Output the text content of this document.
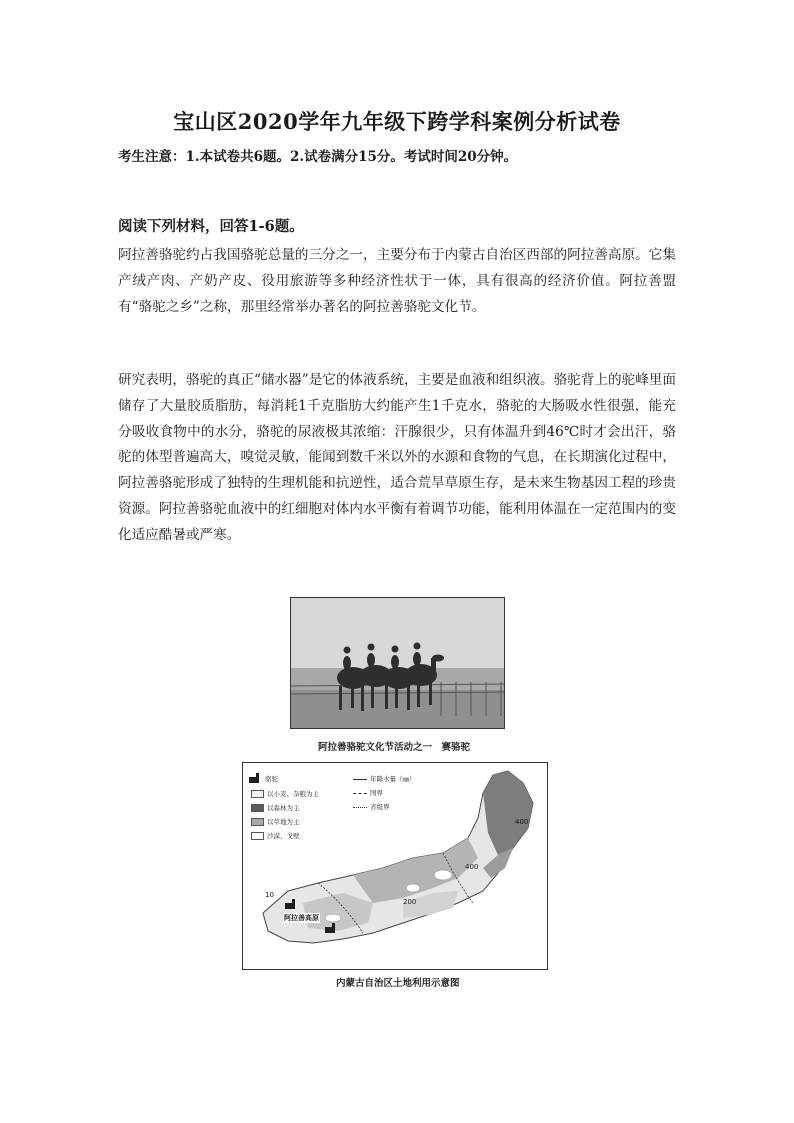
宝山区2020学年九年级下跨学科案例分析试卷
考生注意：1.本试卷共6题。2.试卷满分15分。考试时间20分钟。
阅读下列材料，回答1-6题。

阿拉善骆驼约占我国骆驼总量的三分之一，主要分布于内蒙古自治区西部的阿拉善高原。它集产绒产肉、产奶产皮、役用旅游等多种经济性状于一体，具有很高的经济价值。阿拉善盟有“骆驼之乡”之称，那里经常举办著名的阿拉善骆驼文化节。

研究表明，骆驼的真正“储水器”是它的体液系统，主要是血液和组织液。骆驼背上的驼峰里面储存了大量胶质脂肪，每消耗1千克脂肪大约能产生1千克水，骆驼的大肠吸水性很强，能充分吸收食物中的水分，骆驼的尿液极其浓缩：汗腺很少，只有体温升到46℃时才会出汗，骆驼的体型普遍高大，嗅觉灵敏，能闻到数千米以外的水源和食物的气息，在长期演化过程中，阿拉善骆驼形成了独特的生理机能和抗逆性，适合荒旱草原生存，是未来生物基因工程的珍贵资源。阿拉善骆驼血液中的红细胞对体内水平衡有着调节功能，能利用体温在一定范围内的变化适应酷暑或严寒。

阿拉善骆驼文化节活动之一　赛骆驼
骆驼
以小麦、杂粮为主
以森林为主
以草地为主
沙漠、戈壁
年降水量（㎜）
国界
省级界
阿拉善高原
200
400
400
10
内蒙古自治区土地利用示意图
